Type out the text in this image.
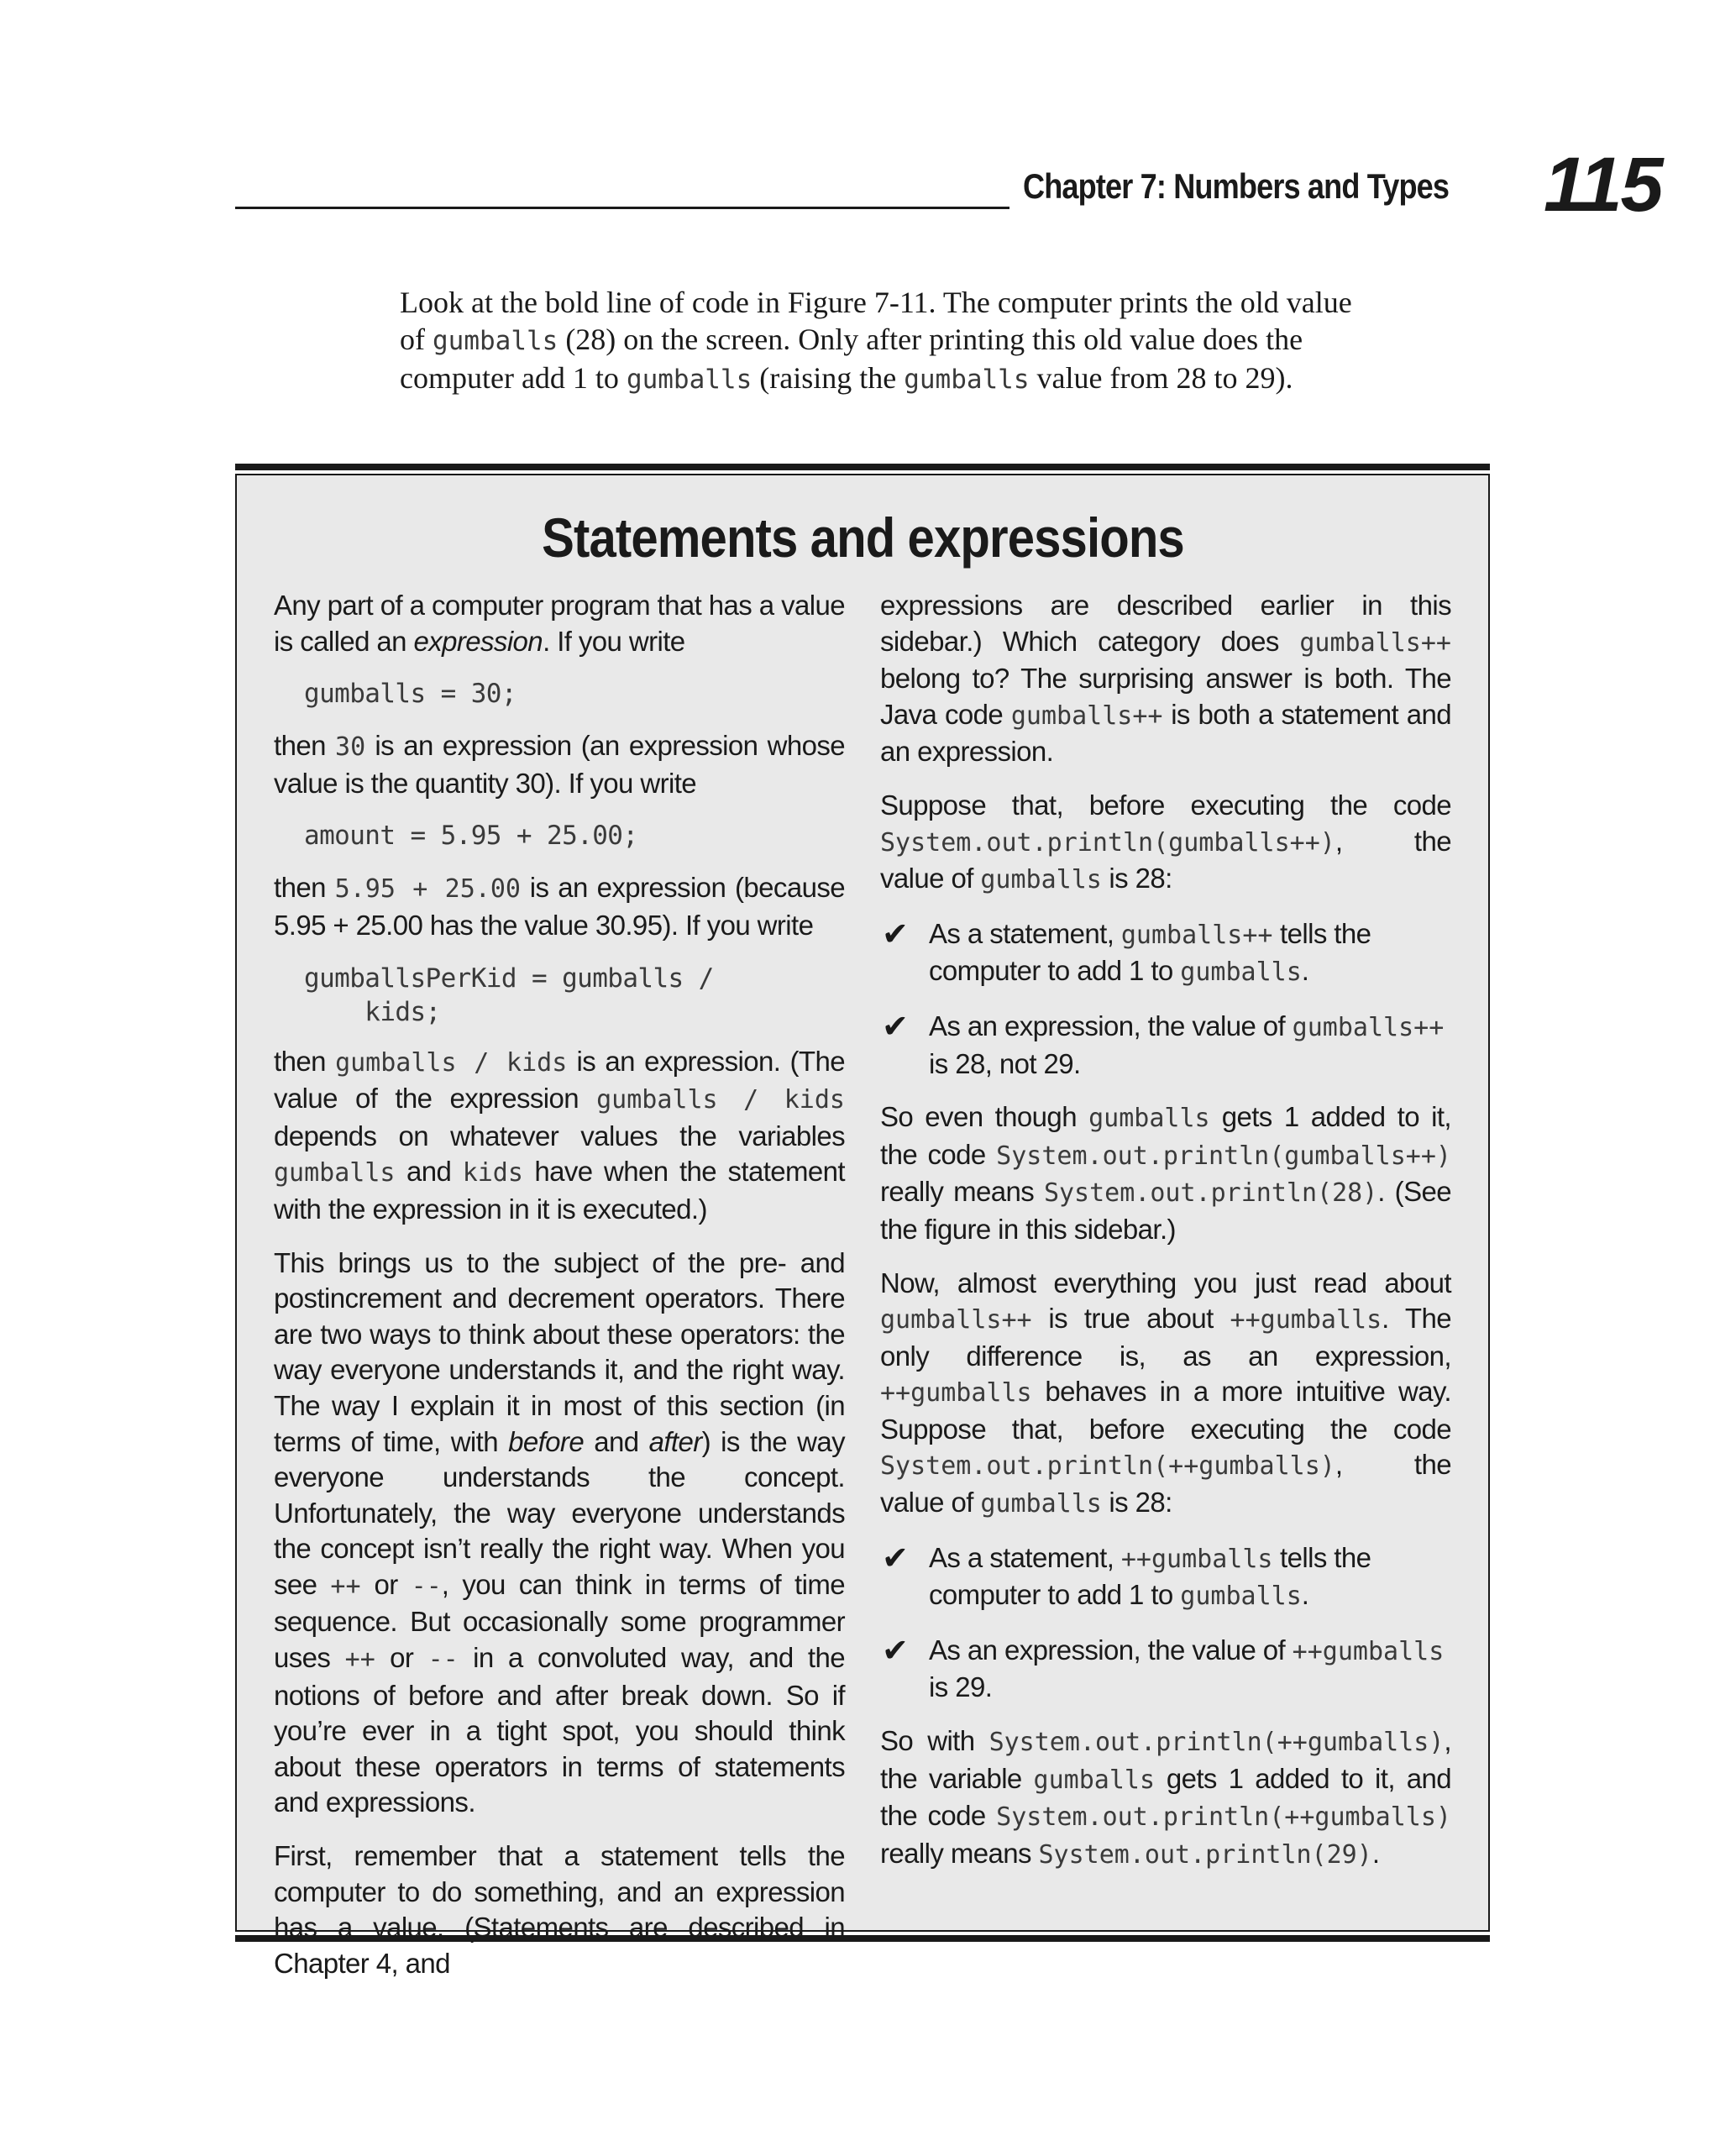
Chapter 7: Numbers and Types 115

Look at the bold line of code in Figure 7-11. The computer prints the old value
of gumballs (28) on the screen. Only after printing this old value does the
computer add 1 to gumballs (raising the gumballs value from 28 to 29).

Statements and expressions

Any part of a computer program that has a value is called an expression. If you write

gumballs = 30;

then 30 is an expression (an expression whose value is the quantity 30). If you write

amount = 5.95 + 25.00;

then 5.95 + 25.00 is an expression (because 5.95 + 25.00 has the value 30.95). If you write

gumballsPerKid = gumballs /
kids;

then gumballs / kids is an expression. (The value of the expression gumballs / kids depends on whatever values the variables gumballs and kids have when the statement with the expression in it is executed.)

This brings us to the subject of the pre- and postincrement and decrement operators. There are two ways to think about these operators: the way everyone understands it, and the right way. The way I explain it in most of this section (in terms of time, with before and after) is the way everyone understands the concept. Unfortunately, the way everyone understands the concept isn’t really the right way. When you see ++ or --, you can think in terms of time sequence. But occasionally some programmer uses ++ or -- in a convoluted way, and the notions of before and after break down. So if you’re ever in a tight spot, you should think about these operators in terms of statements and expressions.

First, remember that a statement tells the computer to do something, and an expression has a value. (Statements are described in Chapter 4, and

expressions are described earlier in this sidebar.) Which category does gumballs++ belong to? The surprising answer is both. The Java code gumballs++ is both a statement and an expression.

Suppose that, before executing the code System.out.println(gumballs++), the value of gumballs is 28:

✔ As a statement, gumballs++ tells the computer to add 1 to gumballs.
✔ As an expression, the value of gumballs++ is 28, not 29.

So even though gumballs gets 1 added to it, the code System.out.println(gumballs++) really means System.out.println(28). (See the figure in this sidebar.)

Now, almost everything you just read about gumballs++ is true about ++gumballs. The only difference is, as an expression, ++gumballs behaves in a more intuitive way. Suppose that, before executing the code System.out.println(++gumballs), the value of gumballs is 28:

✔ As a statement, ++gumballs tells the computer to add 1 to gumballs.
✔ As an expression, the value of ++gumballs is 29.

So with System.out.println(++gumballs), the variable gumballs gets 1 added to it, and the code System.out.println(++gumballs) really means System.out.println(29).
